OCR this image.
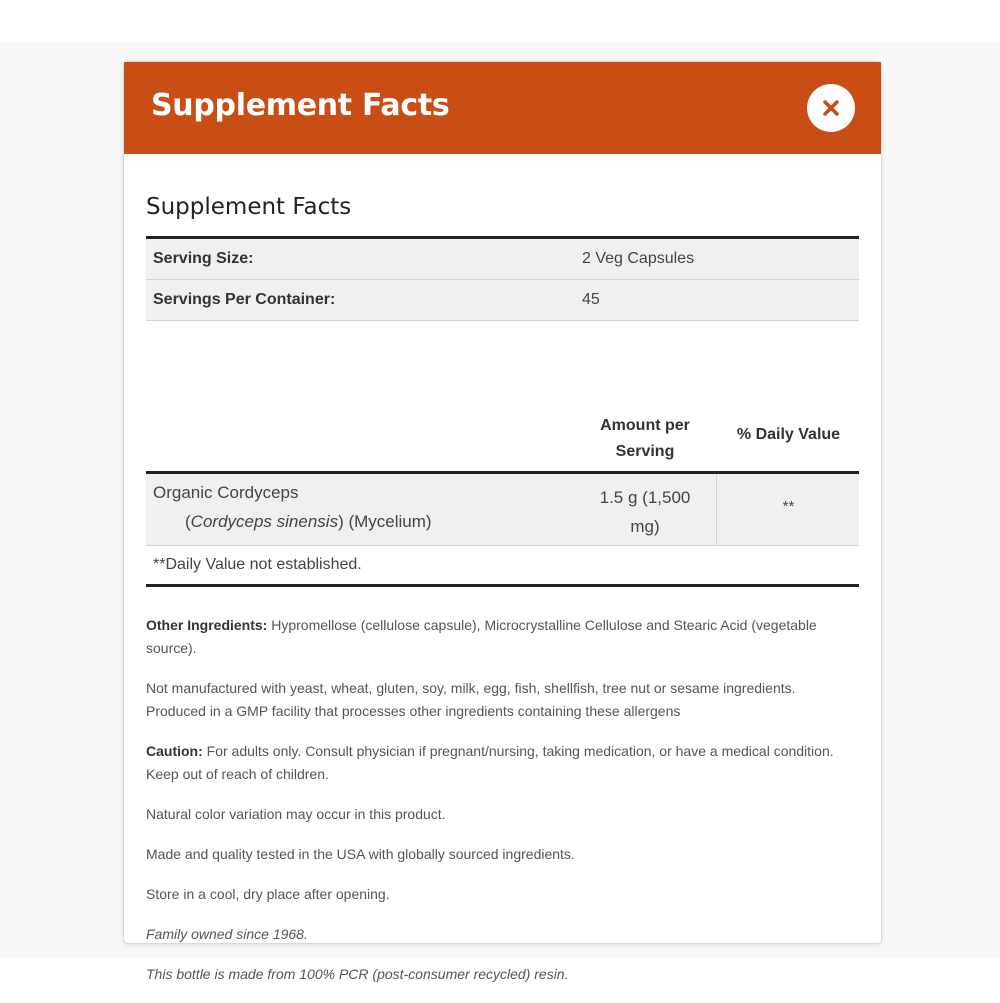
Supplement Facts
Supplement Facts
Serving Size:	2 Veg Capsules
Servings Per Container:	45
Amount per Serving
% Daily Value
Organic Cordyceps
(Cordyceps sinensis) (Mycelium)
1.5 g (1,500 mg)
**
**Daily Value not established.

Other Ingredients: Hypromellose (cellulose capsule), Microcrystalline Cellulose and Stearic Acid (vegetable source).

Not manufactured with yeast, wheat, gluten, soy, milk, egg, fish, shellfish, tree nut or sesame ingredients. Produced in a GMP facility that processes other ingredients containing these allergens

Caution: For adults only. Consult physician if pregnant/nursing, taking medication, or have a medical condition. Keep out of reach of children.

Natural color variation may occur in this product.

Made and quality tested in the USA with globally sourced ingredients.

Store in a cool, dry place after opening.

Family owned since 1968.

This bottle is made from 100% PCR (post-consumer recycled) resin.
